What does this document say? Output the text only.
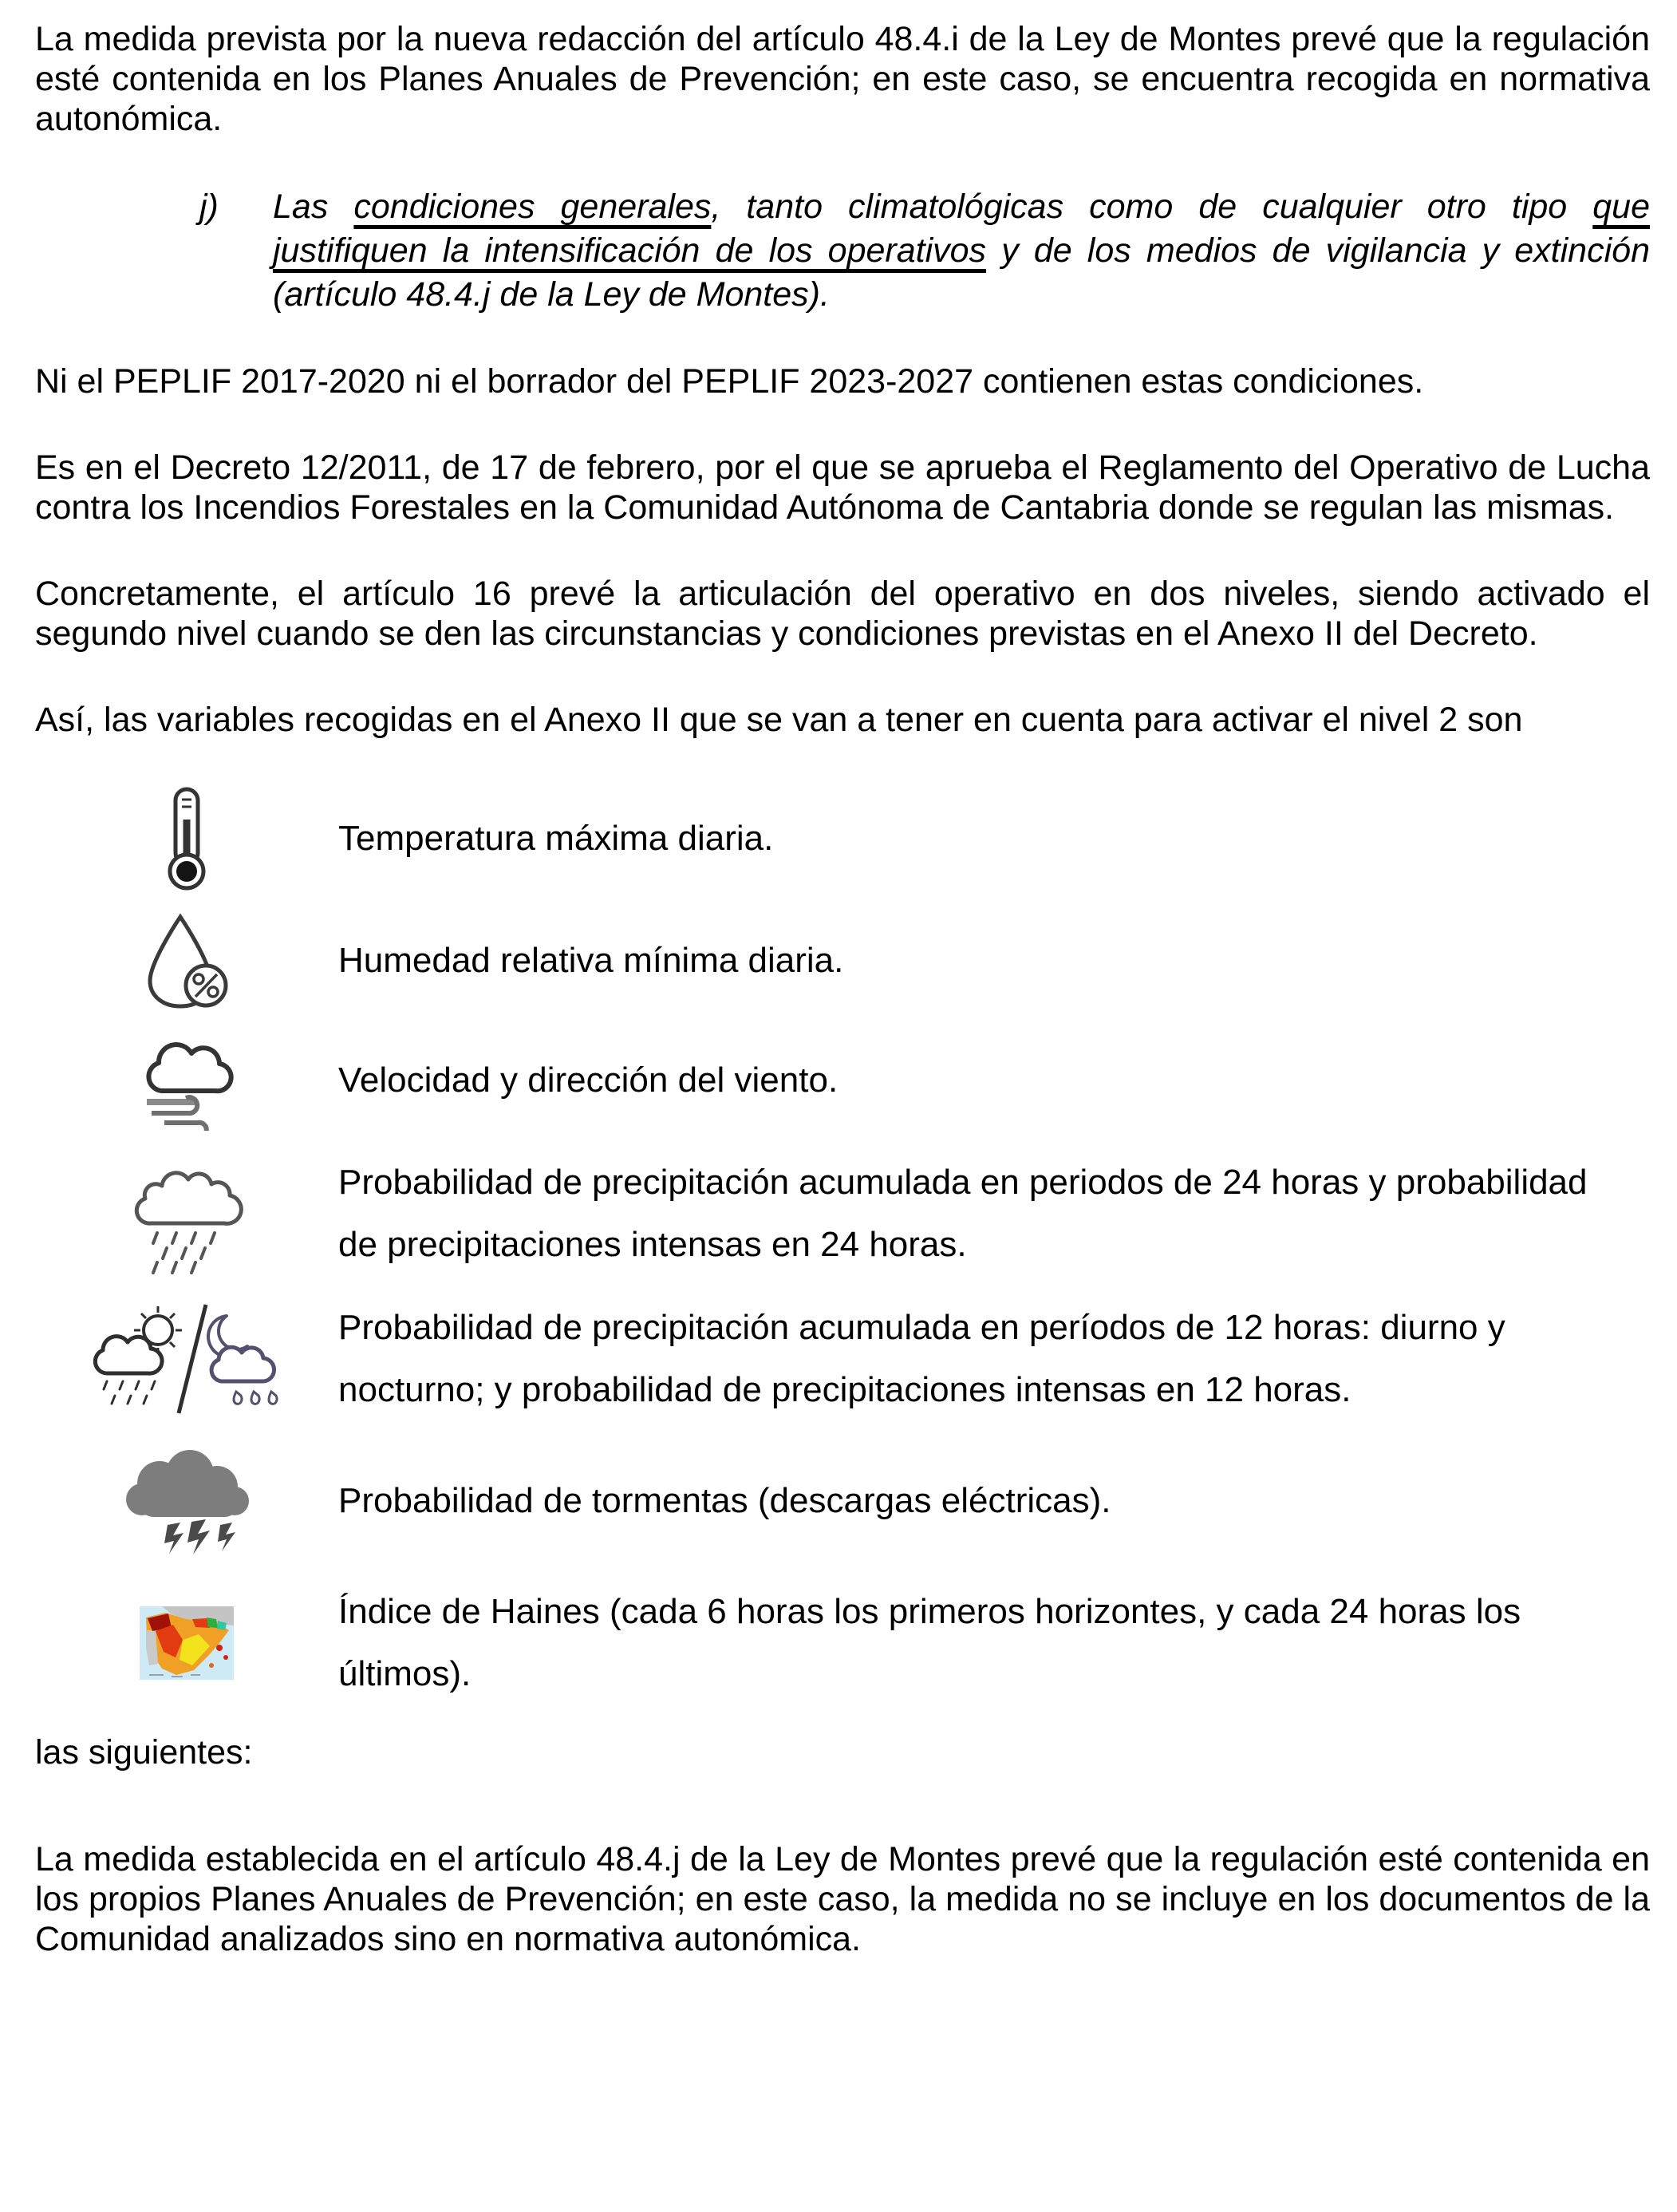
La medida prevista por la nueva redacción del artículo 48.4.i de la Ley de Montes prevé que la regulación esté contenida en los Planes Anuales de Prevención; en este caso, se encuentra recogida en normativa autonómica.

j)	Las condiciones generales, tanto climatológicas como de cualquier otro tipo que justifiquen la intensificación de los operativos y de los medios de vigilancia y extinción (artículo 48.4.j de la Ley de Montes).

Ni el PEPLIF 2017-2020 ni el borrador del PEPLIF 2023-2027 contienen estas condiciones.

Es en el Decreto 12/2011, de 17 de febrero, por el que se aprueba el Reglamento del Operativo de Lucha contra los Incendios Forestales en la Comunidad Autónoma de Cantabria donde se regulan las mismas.

Concretamente, el artículo 16 prevé la articulación del operativo en dos niveles, siendo activado el segundo nivel cuando se den las circunstancias y condiciones previstas en el Anexo II del Decreto.

Así, las variables recogidas en el Anexo II que se van a tener en cuenta para activar el nivel 2 son

Temperatura máxima diaria.

Humedad relativa mínima diaria.

Velocidad y dirección del viento.

Probabilidad de precipitación acumulada en periodos de 24 horas y probabilidad de precipitaciones intensas en 24 horas.

Probabilidad de precipitación acumulada en períodos de 12 horas: diurno y nocturno; y probabilidad de precipitaciones intensas en 12 horas.

Probabilidad de tormentas (descargas eléctricas).

Índice de Haines (cada 6 horas los primeros horizontes, y cada 24 horas los últimos).

las siguientes:

La medida establecida en el artículo 48.4.j de la Ley de Montes prevé que la regulación esté contenida en los propios Planes Anuales de Prevención; en este caso, la medida no se incluye en los documentos de la Comunidad analizados sino en normativa autonómica.
